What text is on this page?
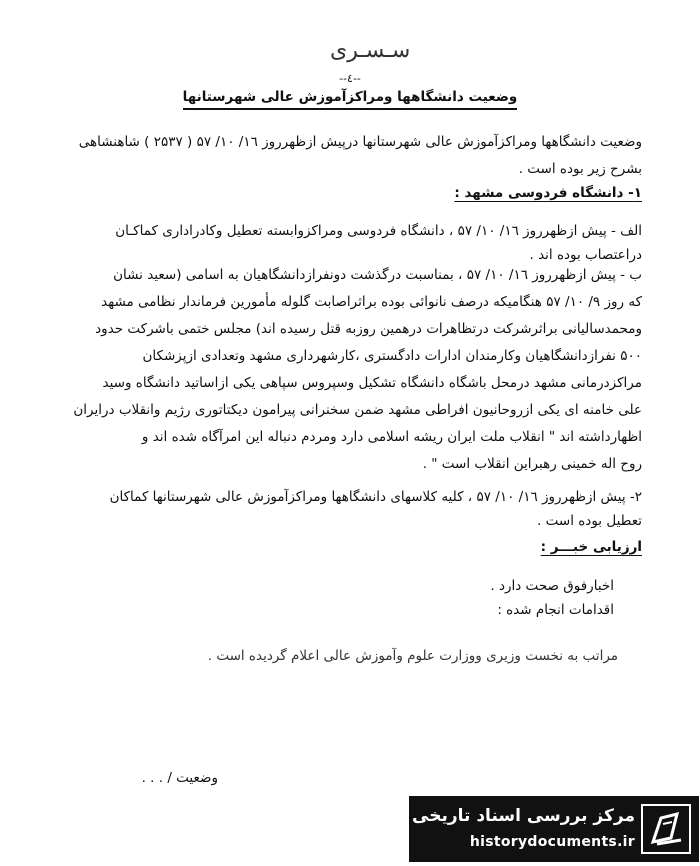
سـسـرى
--٤--
وضعیت دانشگاهها ومراکزآموزش عالی شهرستانها
وضعیت دانشگاهها ومراکزآموزش عالی شهرستانها درپیش ازظهرروز ۱٦/ ۱۰/ ۵۷ ( ۲۵۳۷ ) شاهنشاهی
بشرح زیر بوده است .
۱- دانشگاه فردوسی مشهد :
الف - پیش ازظهرروز ۱٦/ ۱۰/ ۵۷ ، دانشگاه فردوسی ومراکزوابسته تعطیل وکادراداری کماکـان
دراعتصاب بوده اند .
ب - پیش ازظهرروز ۱٦/ ۱۰/ ۵۷ ، بمناسبت درگذشت دونفرازدانشگاهیان به اسامی (سعید نشان
که روز ۹/ ۱۰/ ۵۷ هنگامیکه درصف نانوائی بوده براثراصابت گلوله مأمورین فرماندار نظامی مشهد
ومحمدسالیانی براثرشرکت درتظاهرات درهمین روزبه قتل رسیده اند) مجلس ختمی باشرکت حدود
۵۰۰ نفرازدانشگاهیان وکارمندان ادارات دادگستری ،کارشهرداری مشهد وتعدادی ازپزشکان
مراکزدرمانی مشهد درمحل باشگاه دانشگاه تشکیل وسپروس سپاهی یکی ازاساتید دانشگاه وسید
علی خامنه ای یکی ازروحانیون افراطی مشهد ضمن سخنرانی پیرامون دیکتاتوری رژیم وانقلاب درایران
اظهارداشته اند " انقلاب ملت ایران ریشه اسلامی دارد ومردم دنباله این امرآگاه شده اند و
روح اله خمینی رهبراین انقلاب است " .
۲- پیش ازظهرروز ۱٦/ ۱۰/ ۵۷ ، کلیه کلاسهای دانشگاهها ومراکزآموزش عالی شهرستانها کماکان
تعطیل بوده است .
ارزیابی خبـــر :
اخبارفوق صحت دارد .
اقدامات انجام شده :
مراتب به نخست وزیری ووزارت علوم وآموزش عالی اعلام گردیده است .
وضعیت / . . .
مرکز بررسی اسناد تاریخی
historydocuments.ir
